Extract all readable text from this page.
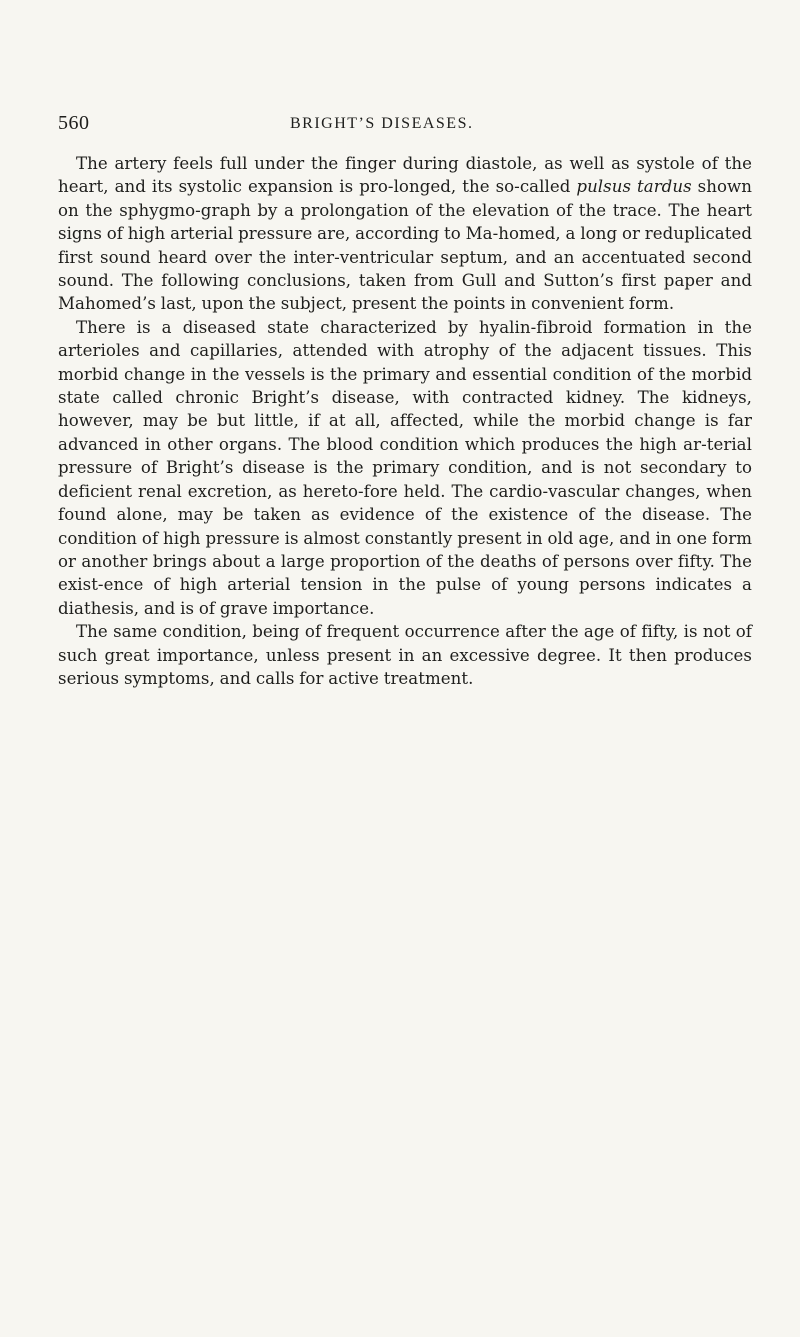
560	BRIGHT’S DISEASES.

The artery feels full under the finger during diastole, as well as systole of the heart, and its systolic expansion is pro-longed, the so-called pulsus tardus shown on the sphygmo-graph by a prolongation of the elevation of the trace. The heart signs of high arterial pressure are, according to Ma-homed, a long or reduplicated first sound heard over the inter-ventricular septum, and an accentuated second sound. The following conclusions, taken from Gull and Sutton’s first paper and Mahomed’s last, upon the subject, present the points in convenient form.

There is a diseased state characterized by hyalin-fibroid formation in the arterioles and capillaries, attended with atrophy of the adjacent tissues. This morbid change in the vessels is the primary and essential condition of the morbid state called chronic Bright’s disease, with contracted kidney. The kidneys, however, may be but little, if at all, affected, while the morbid change is far advanced in other organs. The blood condition which produces the high ar-terial pressure of Bright’s disease is the primary condition, and is not secondary to deficient renal excretion, as hereto-fore held. The cardio-vascular changes, when found alone, may be taken as evidence of the existence of the disease. The condition of high pressure is almost constantly present in old age, and in one form or another brings about a large proportion of the deaths of persons over fifty. The exist-ence of high arterial tension in the pulse of young persons indicates a diathesis, and is of grave importance.

The same condition, being of frequent occurrence after the age of fifty, is not of such great importance, unless present in an excessive degree. It then produces serious symptoms, and calls for active treatment.
